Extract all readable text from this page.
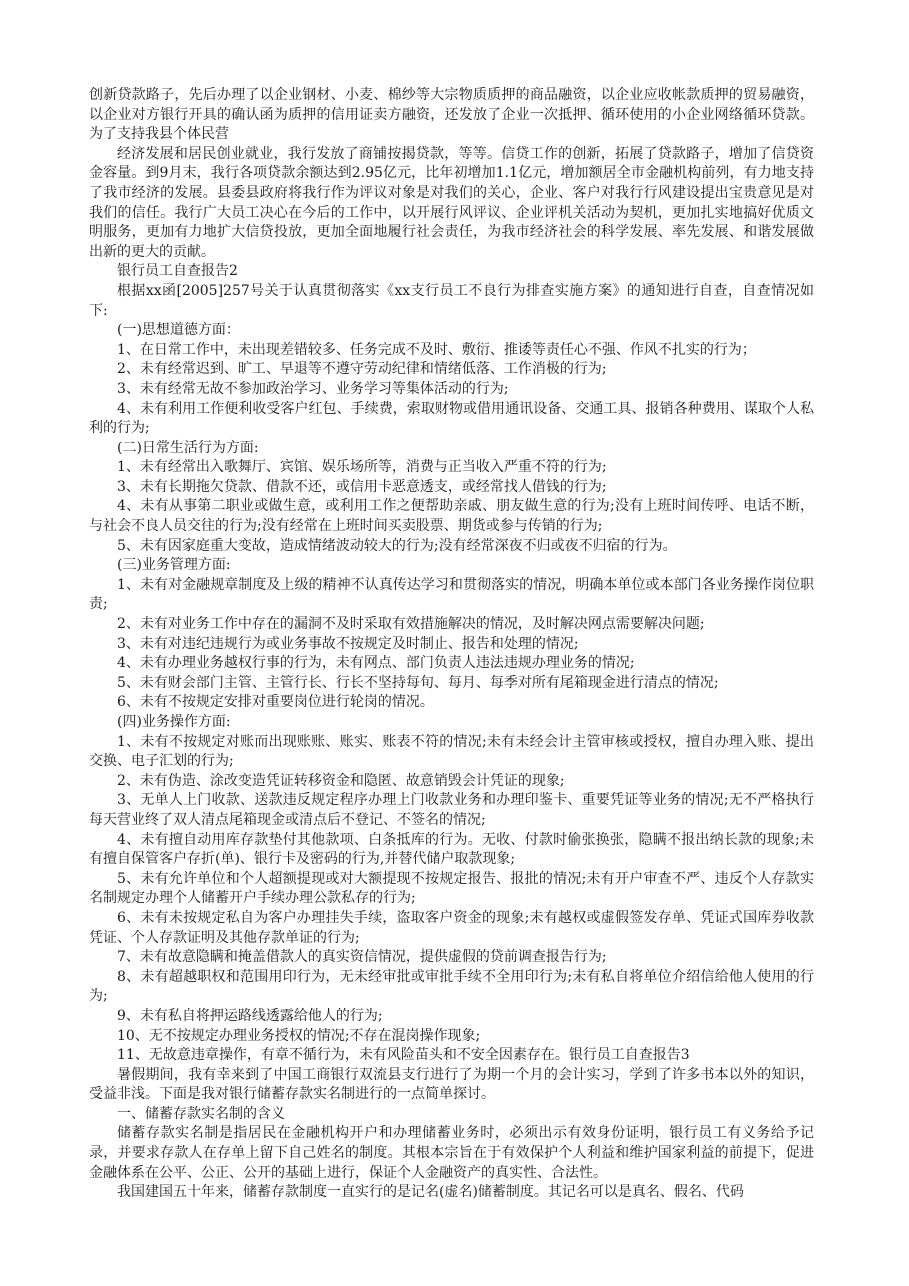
创新贷款路子，先后办理了以企业钢材、小麦、棉纱等大宗物质质押的商品融资，以企业应收帐款质押的贸易融资，以企业对方银行开具的确认函为质押的信用证卖方融资，还发放了企业一次抵押、循环使用的小企业网络循环贷款。为了支持我县个体民营

经济发展和居民创业就业，我行发放了商铺按揭贷款，等等。信贷工作的创新，拓展了贷款路子，增加了信贷资金容量。到9月末，我行各项贷款余额达到2.95亿元，比年初增加1.1亿元，增加额居全市金融机构前列，有力地支持了我市经济的发展。县委县政府将我行作为评议对象是对我们的关心，企业、客户对我行行风建设提出宝贵意见是对我们的信任。我行广大员工决心在今后的工作中，以开展行风评议、企业评机关活动为契机，更加扎实地搞好优质文明服务，更加有力地扩大信贷投放，更加全面地履行社会责任，为我市经济社会的科学发展、率先发展、和谐发展做出新的更大的贡献。

银行员工自查报告2

根据xx函[2005]257号关于认真贯彻落实《xx支行员工不良行为排查实施方案》的通知进行自查，自查情况如下:

(一)思想道德方面：

1、在日常工作中，未出现差错较多、任务完成不及时、敷衍、推诿等责任心不强、作风不扎实的行为；

2、未有经常迟到、旷工、早退等不遵守劳动纪律和情绪低落、工作消极的行为;

3、未有经常无故不参加政治学习、业务学习等集体活动的行为;

4、未有利用工作便利收受客户红包、手续费，索取财物或借用通讯设备、交通工具、报销各种费用、谋取个人私利的行为;

(二)日常生活行为方面:

1、未有经常出入歌舞厅、宾馆、娱乐场所等，消费与正当收入严重不符的行为;

3、未有长期拖欠贷款、借款不还，或信用卡恶意透支，或经常找人借钱的行为;

4、未有从事第二职业或做生意，或利用工作之便帮助亲戚、朋友做生意的行为;没有上班时间传呼、电话不断，与社会不良人员交往的行为;没有经常在上班时间买卖股票、期货或参与传销的行为;

5、未有因家庭重大变故，造成情绪波动较大的行为;没有经常深夜不归或夜不归宿的行为。

(三)业务管理方面:

1、未有对金融规章制度及上级的精神不认真传达学习和贯彻落实的情况，明确本单位或本部门各业务操作岗位职责;

2、未有对业务工作中存在的漏洞不及时采取有效措施解决的情况，及时解决网点需要解决问题;

3、未有对违纪违规行为或业务事故不按规定及时制止、报告和处理的情况;

4、未有办理业务越权行事的行为，未有网点、部门负责人违法违规办理业务的情况;

5、未有财会部门主管、主管行长、行长不坚持每旬、每月、每季对所有尾箱现金进行清点的情况;

6、未有不按规定安排对重要岗位进行轮岗的情况。

(四)业务操作方面:

1、未有不按规定对账而出现账账、账实、账表不符的情况;未有未经会计主管审核或授权，擅自办理入账、提出交换、电子汇划的行为;

2、未有伪造、涂改变造凭证转移资金和隐匿、故意销毁会计凭证的现象;

3、无单人上门收款、送款违反规定程序办理上门收款业务和办理印鉴卡、重要凭证等业务的情况;无不严格执行每天营业终了双人清点尾箱现金或清点后不登记、不签名的情况;

4、未有擅自动用库存款垫付其他款项、白条抵库的行为。无收、付款时偷张换张，隐瞒不报出纳长款的现象;未有擅自保管客户存折(单)、银行卡及密码的行为,并替代储户取款现象;

5、未有允许单位和个人超额提现或对大额提现不按规定报告、报批的情况;未有开户审查不严、违反个人存款实名制规定办理个人储蓄开户手续办理公款私存的行为;

6、未有未按规定私自为客户办理挂失手续，盗取客户资金的现象;未有越权或虚假签发存单、凭证式国库券收款凭证、个人存款证明及其他存款单证的行为;

7、未有故意隐瞒和掩盖借款人的真实资信情况，提供虚假的贷前调查报告行为;

8、未有超越职权和范围用印行为，无未经审批或审批手续不全用印行为;未有私自将单位介绍信给他人使用的行为;

9、未有私自将押运路线透露给他人的行为;

10、无不按规定办理业务授权的情况;不存在混岗操作现象;

11、无故意违章操作，有章不循行为，未有风险苗头和不安全因素存在。银行员工自查报告3

暑假期间，我有幸来到了中国工商银行双流县支行进行了为期一个月的会计实习，学到了许多书本以外的知识，受益非浅。下面是我对银行储蓄存款实名制进行的一点简单探讨。

一、储蓄存款实名制的含义

储蓄存款实名制是指居民在金融机构开户和办理储蓄业务时，必须出示有效身份证明，银行员工有义务给予记录，并要求存款人在存单上留下自己姓名的制度。其根本宗旨在于有效保护个人利益和维护国家利益的前提下，促进金融体系在公平、公正、公开的基础上进行，保证个人金融资产的真实性、合法性。

我国建国五十年来，储蓄存款制度一直实行的是记名(虚名)储蓄制度。其记名可以是真名、假名、代码
